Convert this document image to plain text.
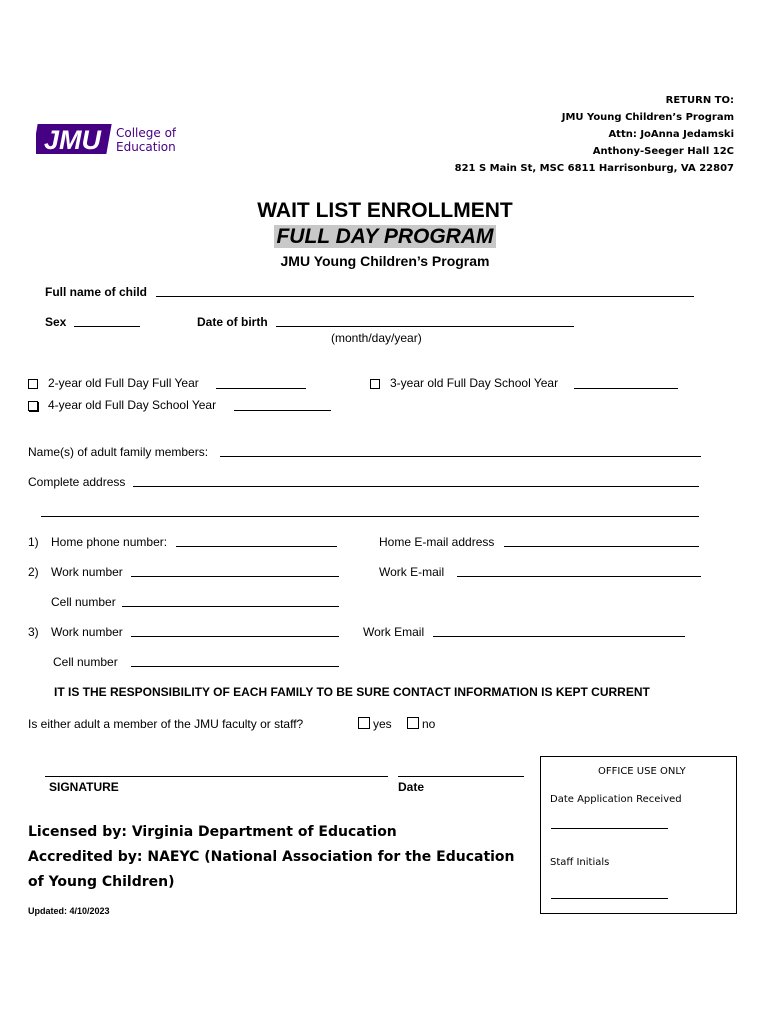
JMU College of
Education
RETURN TO:
JMU Young Children’s Program
Attn: JoAnna Jedamski
Anthony-Seeger Hall 12C
821 S Main St, MSC 6811 Harrisonburg, VA 22807
WAIT LIST ENROLLMENT
FULL DAY PROGRAM
JMU Young Children’s Program
Full name of child
Sex	Date of birth
(month/day/year)
2-year old Full Day Full Year	3-year old Full Day School Year
4-year old Full Day School Year
Name(s) of adult family members:
Complete address
1) Home phone number:	Home E-mail address
2) Work number	Work E-mail
Cell number
3) Work number	Work Email
Cell number
IT IS THE RESPONSIBILITY OF EACH FAMILY TO BE SURE CONTACT INFORMATION IS KEPT CURRENT
Is either adult a member of the JMU faculty or staff?	yes	no
SIGNATURE	Date
OFFICE USE ONLY
Date Application Received
Staff Initials
Licensed by: Virginia Department of Education
Accredited by: NAEYC (National Association for the Education
of Young Children)
Updated: 4/10/2023
